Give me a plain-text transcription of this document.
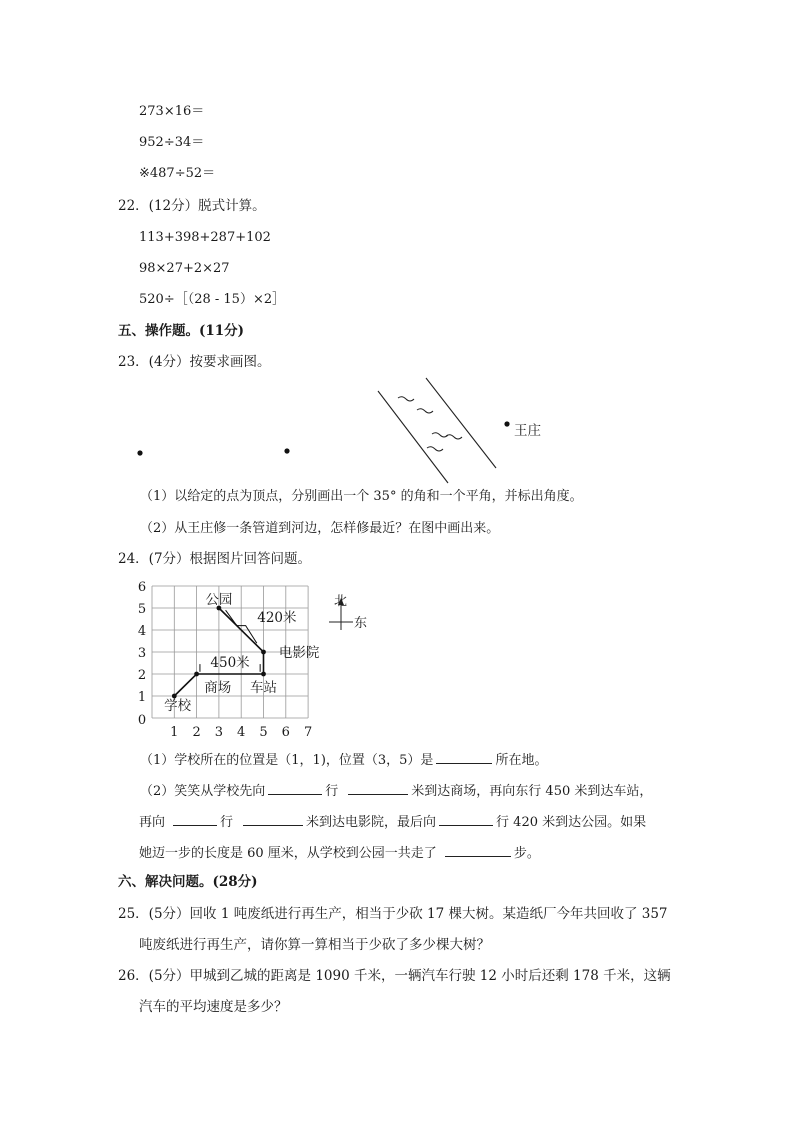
273×16＝
952÷34＝
※487÷52＝
22．(12分）脱式计算。
113+398+287+102
98×27+2×27
520÷［（28 - 15）×2］
五、操作题。(11分)
23．(4分）按要求画图。
王庄
（1）以给定的点为顶点，分别画出一个 35° 的角和一个平角，并标出角度。
（2）从王庄修一条管道到河边，怎样修最近？在图中画出来。
24．(7分）根据图片回答问题。
1 2 3 4 5 6 7
6
5
4
3
2
1
0
学校
商场 车站
电影院
公园
450米
420米
北
东
（1）学校所在的位置是（1，1)，位置（3，5）是	所在地。
（2）笑笑从学校先向	行	米到达商场，再向东行 450 米到达车站，
再向	行	米到达电影院，最后向	行 420 米到达公园。如果
她迈一步的长度是 60 厘米，从学校到公园一共走了	步。
六、解决问题。(28分)
25．(5分）回收 1 吨废纸进行再生产，相当于少砍 17 棵大树。某造纸厂今年共回收了 357
吨废纸进行再生产，请你算一算相当于少砍了多少棵大树？
26．(5分）甲城到乙城的距离是 1090 千米，一辆汽车行驶 12 小时后还剩 178 千米，这辆
汽车的平均速度是多少？
